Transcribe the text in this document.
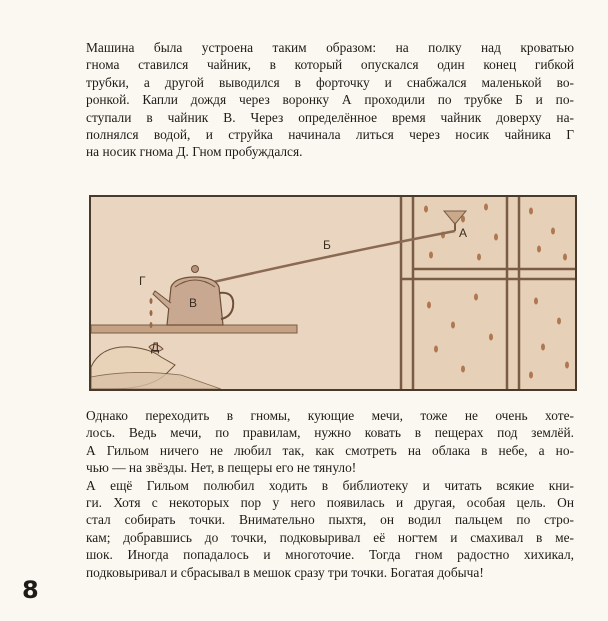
Машина была устроена таким образом: на полку над кроватью
гнома ставился чайник, в который опускался один конец гибкой
трубки, а другой выводился в форточку и снабжался маленькой во-
ронкой. Капли дождя через воронку А проходили по трубке Б и по-
ступали в чайник В. Через определённое время чайник доверху на-
полнялся водой, и струйка начинала литься через носик чайника Г
на носик гнома Д. Гном пробуждался.
А
Б
В
Г
Д
Однако переходить в гномы, кующие мечи, тоже не очень хоте-
лось. Ведь мечи, по правилам, нужно ковать в пещерах под землёй.
А Гильом ничего не любил так, как смотреть на облака в небе, а но-
чью — на звёзды. Нет, в пещеры его не тянуло!
А ещё Гильом полюбил ходить в библиотеку и читать всякие кни-
ги. Хотя с некоторых пор у него появилась и другая, особая цель. Он
стал собирать точки. Внимательно пыхтя, он водил пальцем по стро-
кам; добравшись до точки, подковыривал её ногтем и смахивал в ме-
шок. Иногда попадалось и многоточие. Тогда гном радостно хихикал,
подковыривал и сбрасывал в мешок сразу три точки. Богатая добыча!
8
